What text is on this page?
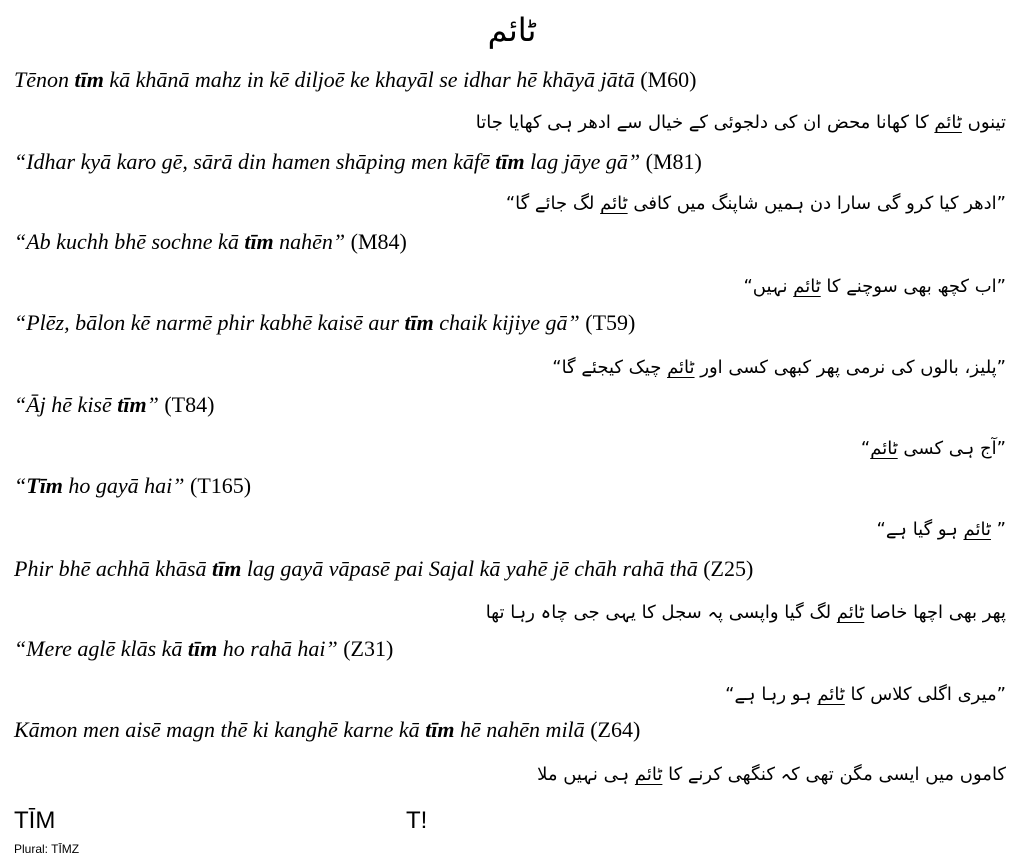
ٹائم
Tēnon tīm kā khānā mahz in kē diljoē ke khayāl se idhar hē khāyā jātā (M60)
تینوں ٹائم کا کھانا محض ان کی دلجوئی کے خیال سے ادھر ہی کھایا جاتا
“Idhar kyā karo gē, sārā din hamen shāping men kāfē tīm lag jāye gā” (M81)
”ادھر کیا کرو گی سارا دن ہمیں شاپنگ میں کافی ٹائم لگ جائے گا“
“Ab kuchh bhē sochne kā tīm nahēn” (M84)
”اب کچھ بھی سوچنے کا ٹائم نہیں“
“Plēz, bālon kē narmē phir kabhē kaisē aur tīm chaik kijiye gā” (T59)
”پلیز، بالوں کی نرمی پھر کبھی کسی اور ٹائم چیک کیجئے گا“
“Āj hē kisē tīm” (T84)
”آج ہی کسی ٹائم“
“Tīm ho gayā hai” (T165)
” ٹائم ہو گیا ہے“
Phir bhē achhā khāsā tīm lag gayā vāpasē pai Sajal kā yahē jē chāh rahā thā (Z25)
پھر بھی اچھا خاصا ٹائم لگ گیا واپسی پہ سجل کا یہی جی چاہ رہا تھا
“Mere aglē klās kā tīm ho rahā hai” (Z31)
”میری اگلی کلاس کا ٹائم ہو رہا ہے“
Kāmon men aisē magn thē ki kanghē karne kā tīm hē nahēn milā (Z64)
کاموں میں ایسی مگن تھی کہ کنگھی کرنے کا ٹائم ہی نہیں ملا
TĪM	T!
Plural: TĪMZ
